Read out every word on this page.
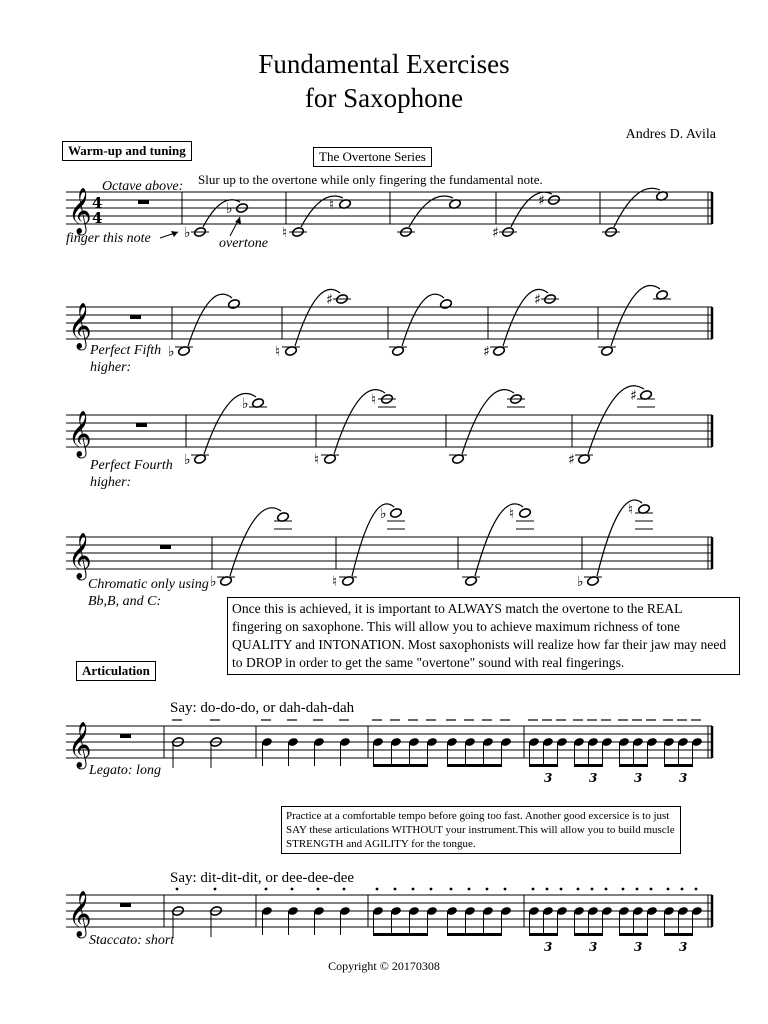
Fundamental Exercises
for Saxophone
Andres D. Avila
Warm-up and tuning	The Overtone Series
Slur up to the overtone while only fingering the fundamental note.
Octave above:
finger this note	overtone
Perfect Fifth
higher:
Perfect Fourth
higher:
Chromatic only using
Bb,B, and C:	Once this is achieved, it is important to ALWAYS match the overtone to the REAL fingering on saxophone. This will allow you to achieve maximum richness of tone QUALITY and INTONATION. Most saxophonists will realize how far their jaw may need to DROP in order to get the same "overtone" sound with real fingerings.
Articulation
Say: do-do-do, or dah-dah-dah
Legato: long
Practice at a comfortable tempo before going too fast. Another good excersice is to just SAY these articulations WITHOUT your instrument.This will allow you to build muscle STRENGTH and AGILITY for the tongue.
Say: dit-dit-dit, or dee-dee-dee
Staccato: short
Copyright © 20170308
𝄞 4
4
♭
♭
♮
♮
♯
♯
𝄞
♭	♮
♯
♯
♯
𝄞
♭
♭
♮
♮
♯
♯
𝄞
♭	♮
♭	♮
♭
♮
𝄞
3	3	3	3
𝄞
3	3	3	3
